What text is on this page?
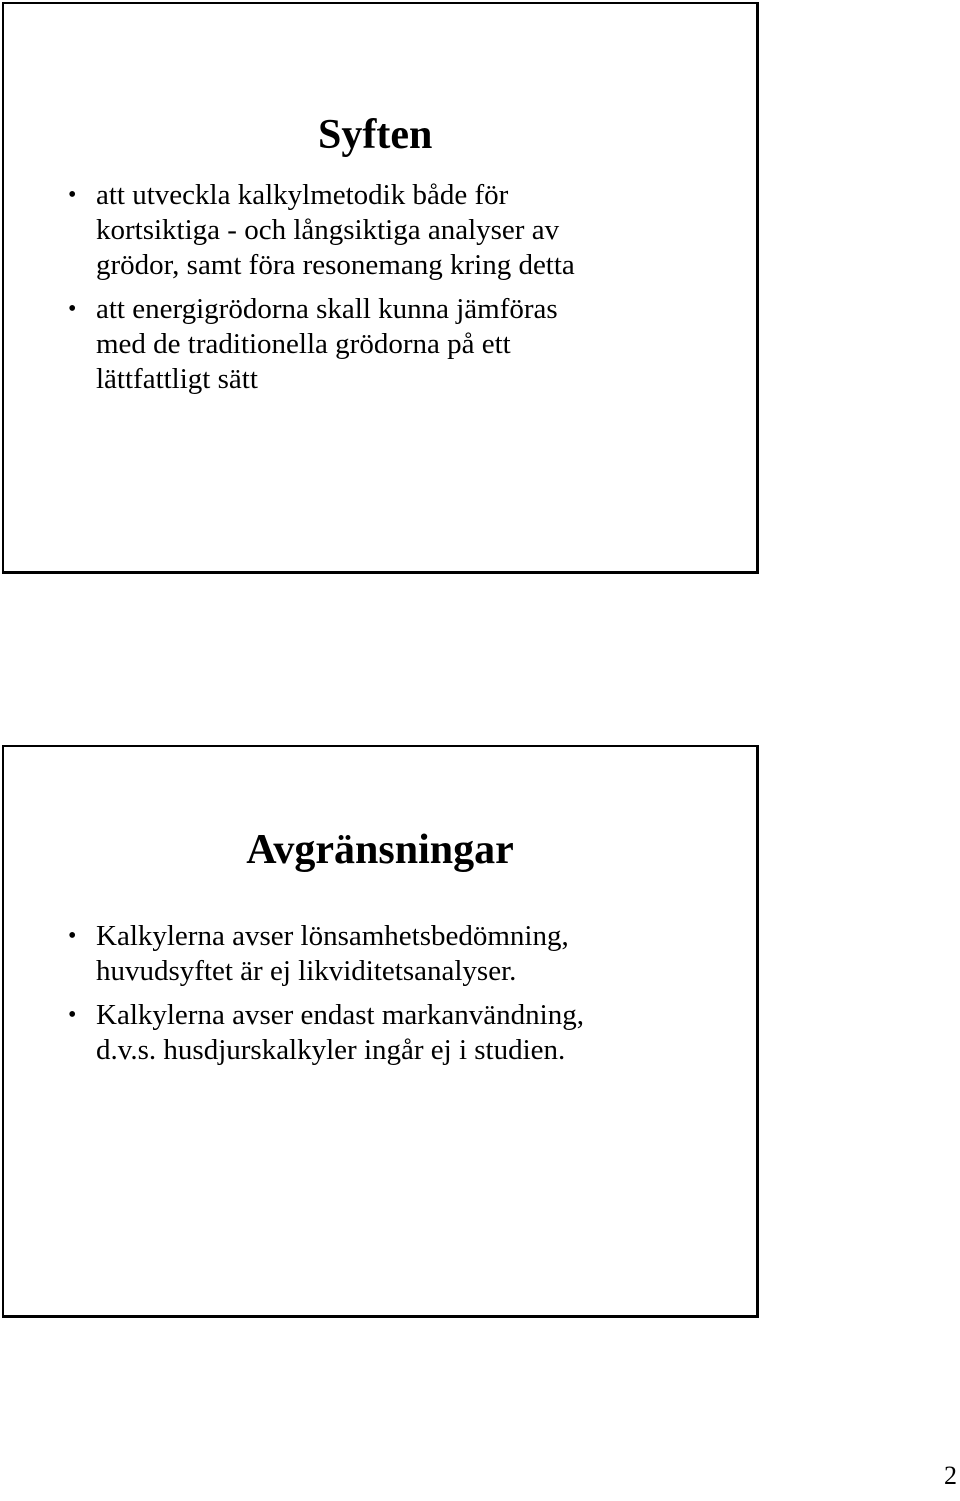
Syften
• att utveckla kalkylmetodik både för
kortsiktiga - och långsiktiga analyser av
grödor, samt föra resonemang kring detta
• att energigrödorna skall kunna jämföras
med de traditionella grödorna på ett
lättfattligt sätt
Avgränsningar
• Kalkylerna avser lönsamhetsbedömning,
huvudsyftet är ej likviditetsanalyser.
• Kalkylerna avser endast markanvändning,
d.v.s. husdjurskalkyler ingår ej i studien.
2
